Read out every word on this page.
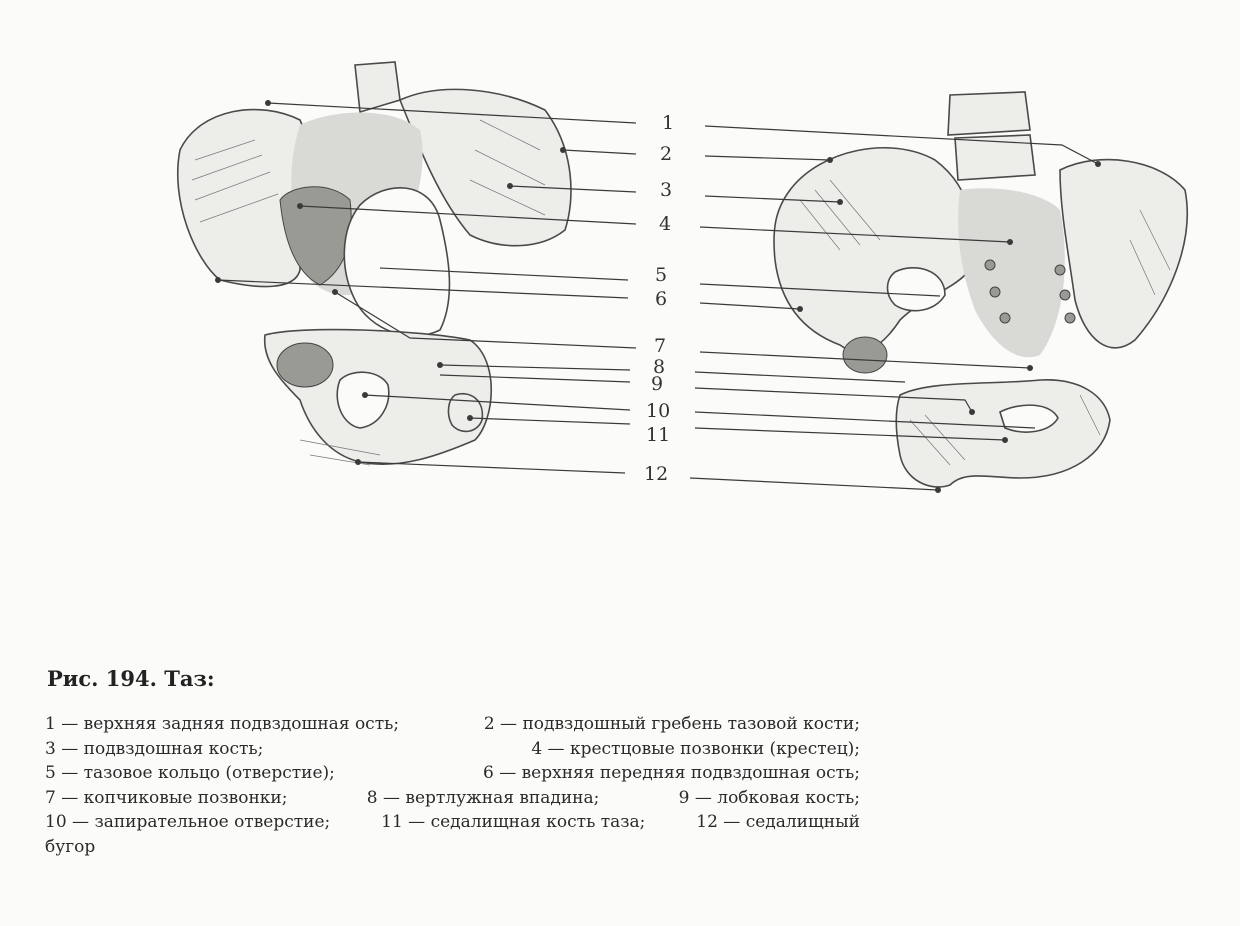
1
2
3
4
5
6
7
8
9
10
11
12
Рис. 194. Таз:
1 — верхняя задняя подвздошная ость;	2 — подвздошный гребень тазовой кости;
3 — подвздошная кость;	4 — крестцовые позвонки (крестец);
5 — тазовое кольцо (отверстие);	6 — верхняя передняя подвздошная ость;
7 — копчиковые позвонки;	8 — вертлужная впадина;	9 — лобковая кость;
10 — запирательное отверстие;	11 — седалищная кость таза;	12 — седалищный
бугор
